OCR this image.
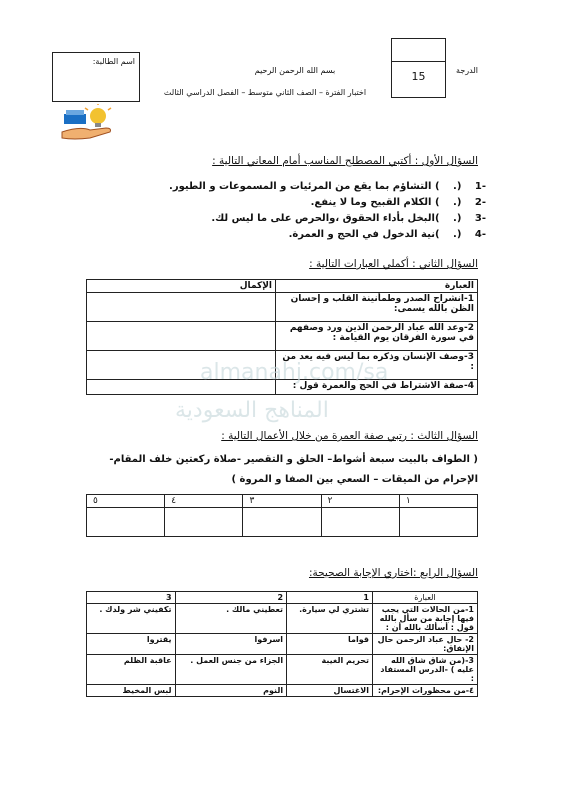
اسم الطالبة:
بسم الله الرحمن الرحيم
اختبار الفترة – الصف الثاني متوسط – الفصل الدراسي الثالث
15	الدرجة
السؤال الأول : أكتبي المصطلح المناسب أمام المعاني التالية :
-1 (. ) التشاؤم بما يقع من المرئيات و المسموعات و الطيور.
-2 (. ) الكلام القبيح وما لا ينفع.
-3 (. )البخل بأداء الحقوق ،والحرص على ما ليس لك.
-4 (. )نية الدخول في الحج و العمرة.
السؤال الثاني : أكملي العبارات التالية :
العبارة	الإكمال
1-انشراح الصدر وطمأنينة القلب و إحسان الظن بالله يسمى:	
2-وعد الله عباد الرحمن الذين ورد وصفهم في سورة الفرقان يوم القيامة :	
3-وصف الإنسان وذكره بما ليس فيه يعد من :	
4-صفة الاشتراط في الحج والعمرة قول :	
almanahj.com/sa
المناهج السعودية
السؤال الثالث : رتبي صفة العمرة من خلال الأعمال التالية :
( الطواف بالبيت سبعة أشواط– الحلق و التقصير -صلاة ركعتين خلف المقام- الإحرام من الميقات – السعي بين الصفا و المروة )
١	٢	٣	٤	٥

السؤال الرابع :اختاري الإجابة الصحيحة:
العبارة	1	2	3
1-من الحالات التي يجب فيها إجابة من سأل بالله قول : أسألك بالله أن :	تشتري لي سيارة.	تعطيني مالك .	تكفيني شر ولدك .
2- حال عباد الرحمن حال الإنفاق:	قواما	اسرفوا	يقتروا
3-(من شاق شاق الله عليه ) -الدرس المستفاد :	تحريم الغيبة	الجزاء من جنس العمل .	عاقبة الظلم
٤-من محظورات الإحرام:	الاغتسال	النوم	لبس المخيط
